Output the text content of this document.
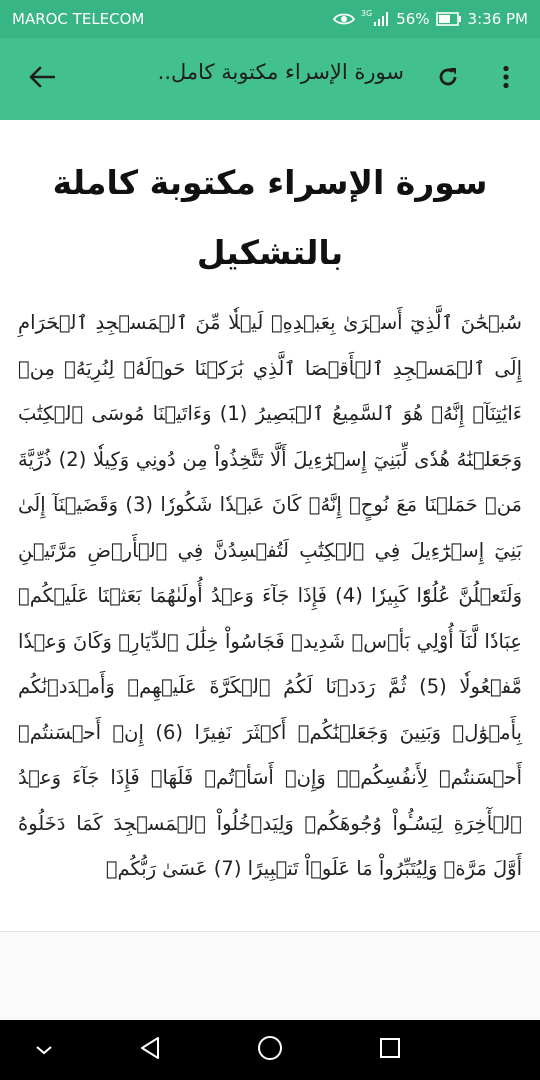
MAROC TELECOM	3G 56%	3:36 PM
سورة الإسراء مكتوبة كامل..
سورة الإسراء مكتوبة كاملة بالتشكيل

سُبۡحَٰنَ ٱلَّذِيٓ أَسۡرَىٰ بِعَبۡدِهِۦ لَيۡلٗا مِّنَ ٱلۡمَسۡجِدِ ٱلۡحَرَامِ إِلَى ٱلۡمَسۡجِدِ ٱلۡأَقۡصَا ٱلَّذِي بَٰرَكۡنَا حَوۡلَهُۥ لِنُرِيَهُۥ مِنۡ ءَايَٰتِنَآۚ إِنَّهُۥ هُوَ ٱلسَّمِيعُ ٱلۡبَصِيرُ (1) وَءَاتَيۡنَا مُوسَى ٱلۡكِتَٰبَ وَجَعَلۡنَٰهُ هُدٗى لِّبَنِيٓ إِسۡرَٰٓءِيلَ أَلَّا تَتَّخِذُواْ مِن دُونِي وَكِيلٗا (2) ذُرِّيَّةَ مَنۡ حَمَلۡنَا مَعَ نُوحٍۚ إِنَّهُۥ كَانَ عَبۡدٗا شَكُورٗا (3) وَقَضَيۡنَآ إِلَىٰ بَنِيٓ إِسۡرَٰٓءِيلَ فِي ٱلۡكِتَٰبِ لَتُفۡسِدُنَّ فِي ٱلۡأَرۡضِ مَرَّتَيۡنِ وَلَتَعۡلُنَّ عُلُوّٗا كَبِيرٗا (4) فَإِذَا جَآءَ وَعۡدُ أُولَىٰهُمَا بَعَثۡنَا عَلَيۡكُمۡ عِبَادٗا لَّنَآ أُوْلِي بَأۡسٖ شَدِيدٖ فَجَاسُواْ خِلَٰلَ ٱلدِّيَارِۚ وَكَانَ وَعۡدٗا مَّفۡعُولٗا (5) ثُمَّ رَدَدۡنَا لَكُمُ ٱلۡكَرَّةَ عَلَيۡهِمۡ وَأَمۡدَدۡنَٰكُم بِأَمۡوَٰلٖ وَبَنِينَ وَجَعَلۡنَٰكُمۡ أَكۡثَرَ نَفِيرًا (6) إِنۡ أَحۡسَنتُمۡ أَحۡسَنتُمۡ لِأَنفُسِكُمۡۖ وَإِنۡ أَسَأۡتُمۡ فَلَهَاۚ فَإِذَا جَآءَ وَعۡدُ ٱلۡأٓخِرَةِ لِيَسُـُٔواْ وُجُوهَكُمۡ وَلِيَدۡخُلُواْ ٱلۡمَسۡجِدَ كَمَا دَخَلُوهُ أَوَّلَ مَرَّةٖ وَلِيُتَبِّرُواْ مَا عَلَوۡاْ تَتۡبِيرًا (7) عَسَىٰ رَبُّكُمۡ
